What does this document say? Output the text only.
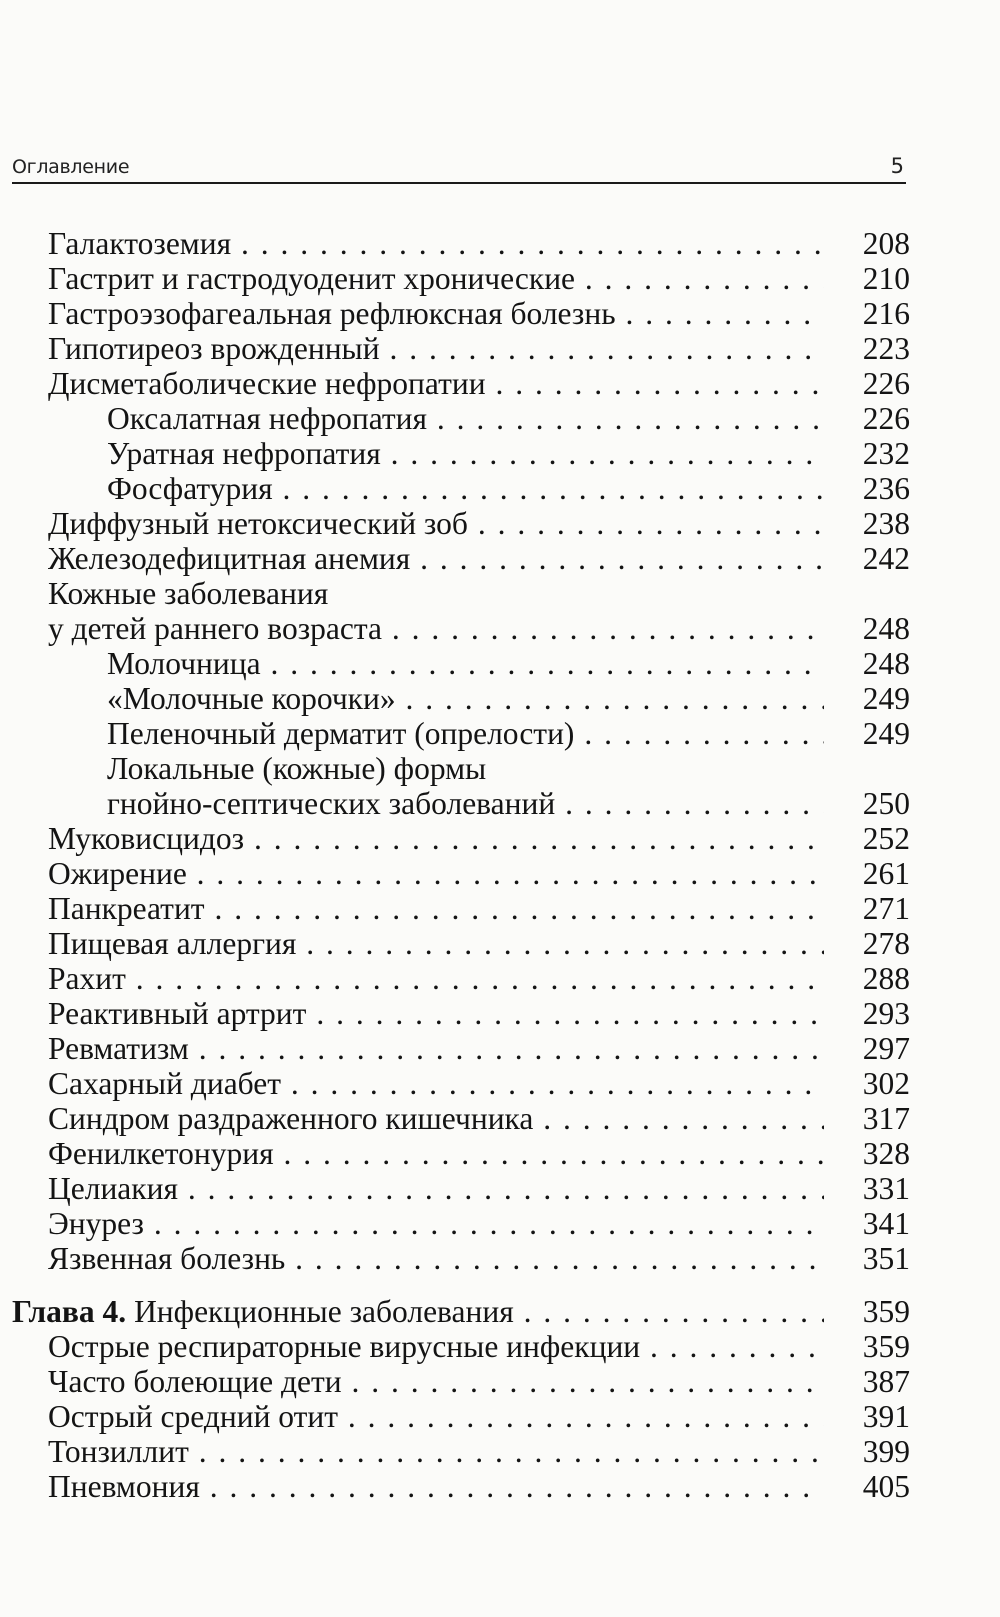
Оглавление	5
Галактоземия . . .	208
Гастрит и гастродуоденит хронические . . .	210
Гастроэзофагеальная рефлюксная болезнь . . .	216
Гипотиреоз врожденный . . .	223
Дисметаболические нефропатии . . .	226
Оксалатная нефропатия . . .	226
Уратная нефропатия . . .	232
Фосфатурия . . .	236
Диффузный нетоксический зоб . . .	238
Железодефицитная анемия . . .	242
Кожные заболевания
у детей раннего возраста . . .	248
Молочница . . .	248
«Молочные корочки» . . .	249
Пеленочный дерматит (опрелости) . . .	249
Локальные (кожные) формы
гнойно-септических заболеваний . . .	250
Муковисцидоз . . .	252
Ожирение . . .	261
Панкреатит . . .	271
Пищевая аллергия . . .	278
Рахит . . .	288
Реактивный артрит . . .	293
Ревматизм . . .	297
Сахарный диабет . . .	302
Синдром раздраженного кишечника . . .	317
Фенилкетонурия . . .	328
Целиакия . . .	331
Энурез . . .	341
Язвенная болезнь . . .	351
Глава 4. Инфекционные заболевания . . .	359
Острые респираторные вирусные инфекции . . .	359
Часто болеющие дети . . .	387
Острый средний отит . . .	391
Тонзиллит . . .	399
Пневмония . . .	405
